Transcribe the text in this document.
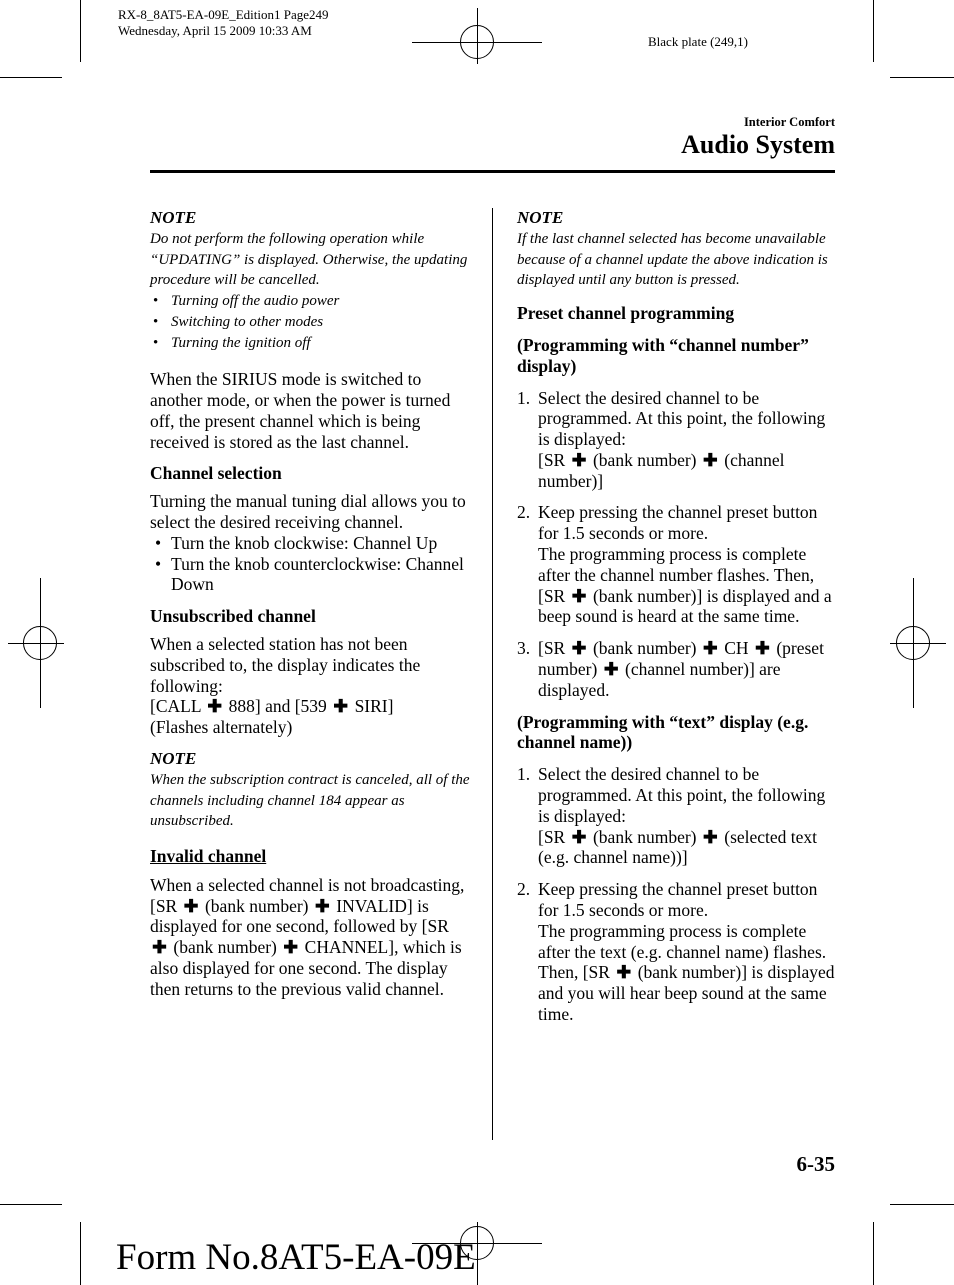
RX-8_8AT5-EA-09E_Edition1 Page249
Wednesday, April 15 2009 10:33 AM
Black plate (249,1)
Interior Comfort
Audio System

NOTE

Do not perform the following operation while “UPDATING” is displayed. Otherwise, the updating procedure will be cancelled.

• Turning off the audio power
• Switching to other modes
• Turning the ignition off

When the SIRIUS mode is switched to another mode, or when the power is turned off, the present channel which is being received is stored as the last channel.

Channel selection

Turning the manual tuning dial allows you to select the desired receiving channel.

• Turn the knob clockwise: Channel Up
• Turn the knob counterclockwise: Channel Down

Unsubscribed channel

When a selected station has not been subscribed to, the display indicates the following:
[CALL ✚ 888] and [539 ✚ SIRI]
(Flashes alternately)

NOTE

When the subscription contract is canceled, all of the channels including channel 184 appear as unsubscribed.

Invalid channel

When a selected channel is not broadcasting, [SR ✚ (bank number) ✚ INVALID] is displayed for one second, followed by [SR ✚ (bank number) ✚ CHANNEL], which is also displayed for one second. The display then returns to the previous valid channel.

NOTE

If the last channel selected has become unavailable because of a channel update the above indication is displayed until any button is pressed.

Preset channel programming

(Programming with “channel number” display)

1. Select the desired channel to be programmed. At this point, the following is displayed:
[SR ✚ (bank number) ✚ (channel number)]
2. Keep pressing the channel preset button for 1.5 seconds or more.
The programming process is complete after the channel number flashes. Then, [SR ✚ (bank number)] is displayed and a beep sound is heard at the same time.
3. [SR ✚ (bank number) ✚ CH ✚ (preset number) ✚ (channel number)] are displayed.

(Programming with “text” display (e.g. channel name))

1. Select the desired channel to be programmed. At this point, the following is displayed:
[SR ✚ (bank number) ✚ (selected text (e.g. channel name))]
2. Keep pressing the channel preset button for 1.5 seconds or more.
The programming process is complete after the text (e.g. channel name) flashes. Then, [SR ✚ (bank number)] is displayed and you will hear beep sound at the same time.
6-35
Form No.8AT5-EA-09E
